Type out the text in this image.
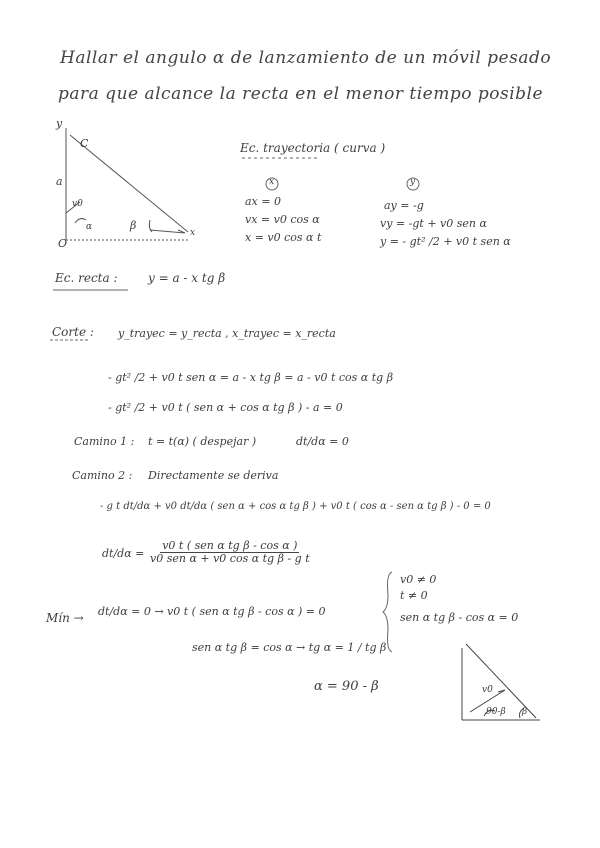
Hallar el angulo α de lanzamiento de un móvil pesado
para que alcance la recta en el menor tiempo posible
y
C
a
v0
α	β
x
O
Ec. trayectoria ( curva )
x	y
ax = 0
vx = v0 cos α
x = v0 cos α t
ay = -g
vy = -gt + v0 sen α
y = - gt² /2 + v0 t sen α
Ec. recta :	y = a - x tg β
Corte : y_trayec = y_recta , x_trayec = x_recta
- gt² /2 + v0 t sen α = a - x tg β = a - v0 t cos α tg β
- gt² /2 + v0 t ( sen α + cos α tg β ) - a = 0
Camino 1 : t = t(α) ( despejar )	dt/dα = 0
Camino 2 : Directamente se deriva
- g t dt/dα + v0 dt/dα ( sen α + cos α tg β ) + v0 t ( cos α - sen α tg β ) - 0 = 0
dt/dα =
v0 t ( sen α tg β - cos α )
v0 sen α + v0 cos α tg β - g t
Mín → dt/dα = 0 → v0 t ( sen α tg β - cos α ) = 0
v0 ≠ 0
t ≠ 0
sen α tg β - cos α = 0
sen α tg β = cos α → tg α = 1 / tg β
α = 90 - β	v0
90-β β
